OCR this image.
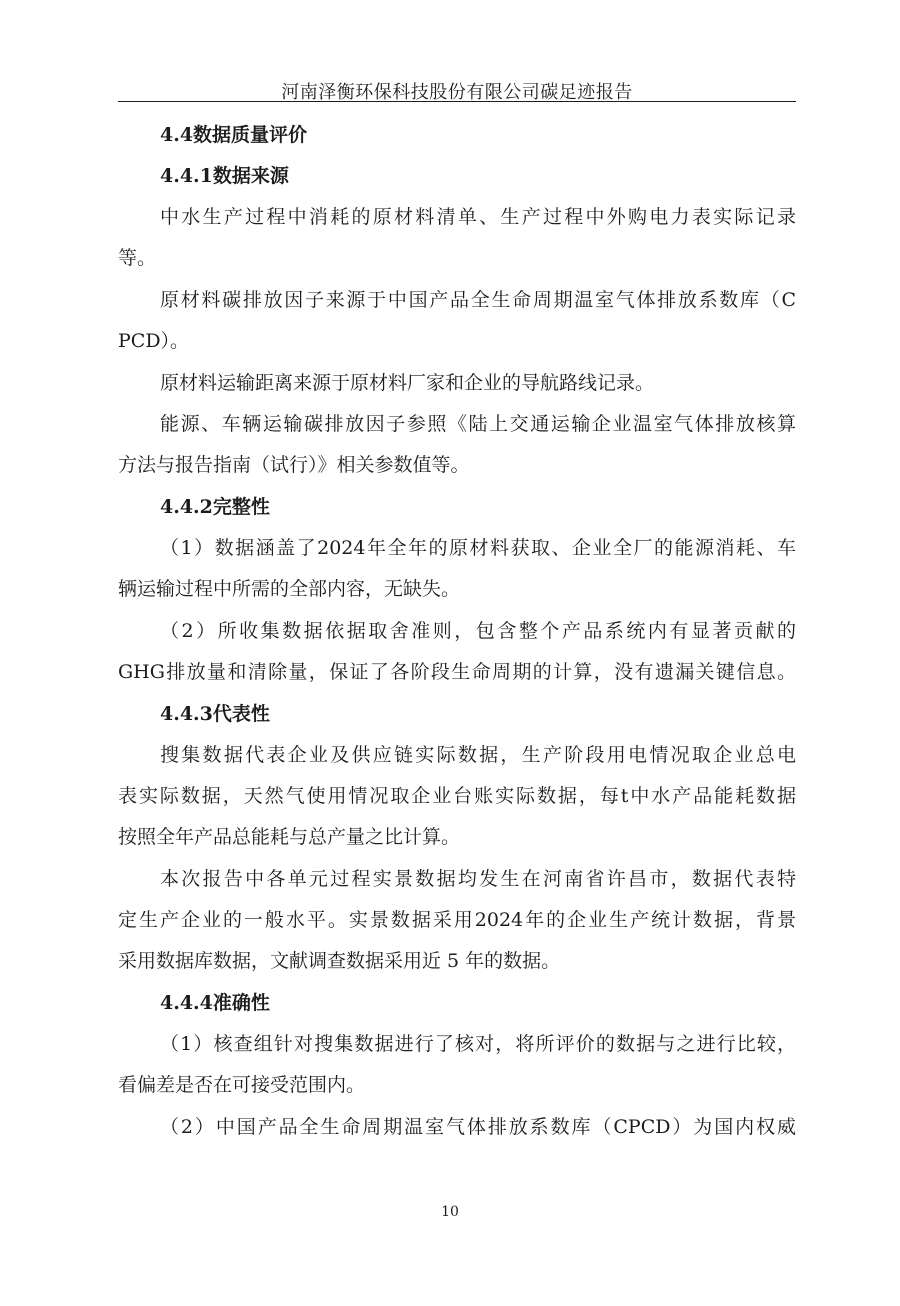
河南泽衡环保科技股份有限公司碳足迹报告
4.4数据质量评价
4.4.1数据来源
中水生产过程中消耗的原材料清单、生产过程中外购电力表实际记录
等。
原材料碳排放因子来源于中国产品全生命周期温室气体排放系数库（C
PCD）。
原材料运输距离来源于原材料厂家和企业的导航路线记录。
能源、车辆运输碳排放因子参照《陆上交通运输企业温室气体排放核算
方法与报告指南（试行）》相关参数值等。
4.4.2完整性
（1）数据涵盖了2024年全年的原材料获取、企业全厂的能源消耗、车
辆运输过程中所需的全部内容，无缺失。
（2）所收集数据依据取舍准则，包含整个产品系统内有显著贡献的
GHG排放量和清除量，保证了各阶段生命周期的计算，没有遗漏关键信息。
4.4.3代表性
搜集数据代表企业及供应链实际数据，生产阶段用电情况取企业总电
表实际数据，天然气使用情况取企业台账实际数据，每t中水产品能耗数据
按照全年产品总能耗与总产量之比计算。
本次报告中各单元过程实景数据均发生在河南省许昌市，数据代表特
定生产企业的一般水平。实景数据采用2024年的企业生产统计数据，背景
采用数据库数据，文献调查数据采用近 5 年的数据。
4.4.4准确性
（1）核查组针对搜集数据进行了核对，将所评价的数据与之进行比较，
看偏差是否在可接受范围内。
（2）中国产品全生命周期温室气体排放系数库（CPCD）为国内权威
10
